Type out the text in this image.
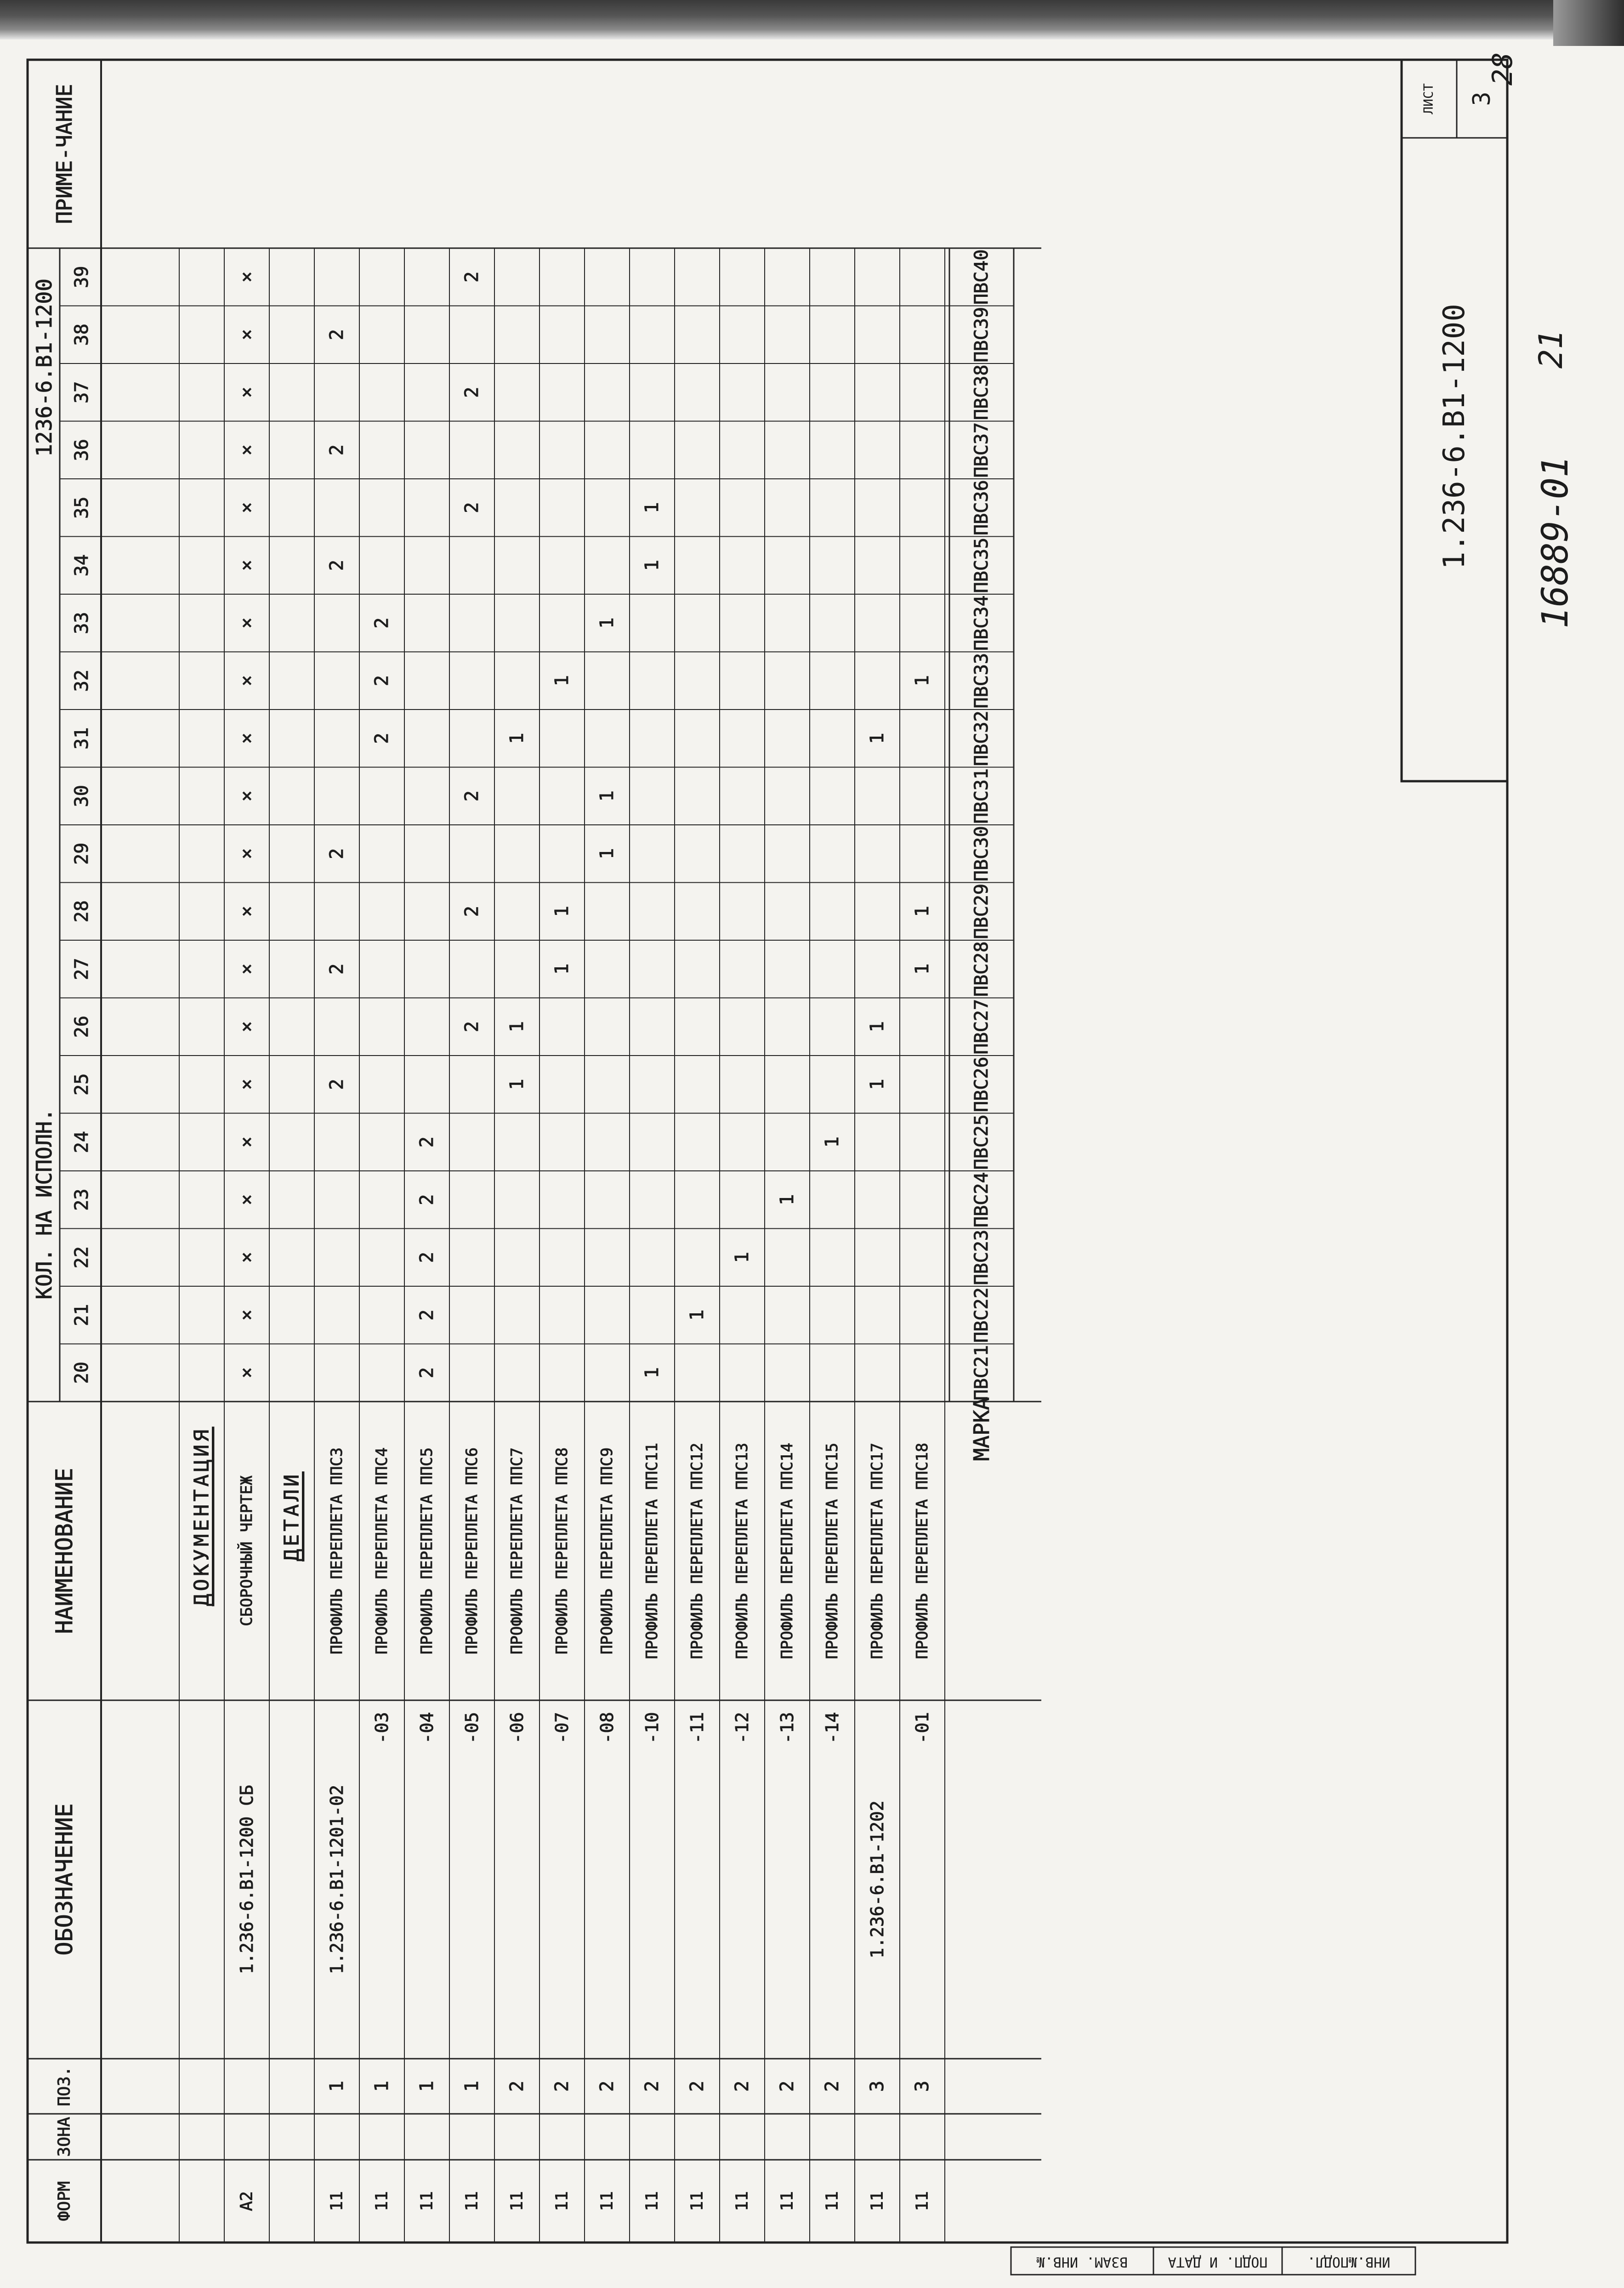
ФОРМ
ЗОНА
ПОЗ.
ОБОЗНАЧЕНИЕ
НАИМЕНОВАНИЕ
КОЛ. НА ИСПОЛН.
1236-6.В1-1200
ПРИМЕ-ЧАНИЕ
20
21
22
23
24
25
26
27
28
29
30
31
32
33
34
35
36
37
38
39
МАРКА
ПВС21
ПВС22
ПВС23
ПВС24
ПВС25
ПВС26
ПВС27
ПВС28
ПВС29
ПВС30
ПВС31
ПВС32
ПВС33
ПВС34
ПВС35
ПВС36
ПВС37
ПВС38
ПВС39
ПВС40
ДОКУМЕНТАЦИЯ
А2
1.236-6.В1-1200 СБ
СБОРОЧНЫЙ ЧЕРТЕЖ
×
×
×
×
×
×
×
×
×
×
×
×
×
×
×
×
×
×
×
×
ДЕТАЛИ
11
1
1.236-6.В1-1201-02
ПРОФИЛЬ ПЕРЕПЛЕТА ППС3
2
2
2
2
2
2
11
1
-03
ПРОФИЛЬ ПЕРЕПЛЕТА ППС4
2
2
2
11
1
-04
ПРОФИЛЬ ПЕРЕПЛЕТА ППС5
2
2
2
2
2
11
1
-05
ПРОФИЛЬ ПЕРЕПЛЕТА ППС6
2
2
2
2
2
2
11
2
-06
ПРОФИЛЬ ПЕРЕПЛЕТА ППС7
1
1
1
11
2
-07
ПРОФИЛЬ ПЕРЕПЛЕТА ППС8
1
1
1
11
2
-08
ПРОФИЛЬ ПЕРЕПЛЕТА ППС9
1
1
1
11
2
-10
ПРОФИЛЬ ПЕРЕПЛЕТА ППС11
1
1
1
11
2
-11
ПРОФИЛЬ ПЕРЕПЛЕТА ППС12
1
11
2
-12
ПРОФИЛЬ ПЕРЕПЛЕТА ППС13
1
11
2
-13
ПРОФИЛЬ ПЕРЕПЛЕТА ППС14
1
11
2
-14
ПРОФИЛЬ ПЕРЕПЛЕТА ППС15
1
11
3
1.236-6.В1-1202
ПРОФИЛЬ ПЕРЕПЛЕТА ППС17
1
1
1
11
3
-01
ПРОФИЛЬ ПЕРЕПЛЕТА ППС18
1
1
1
ЛИСТ 3
1.236-6.В1-1200
ВЗАМ. ИНВ.№	ПОДП. И ДАТА	ИНВ.№ПОДЛ.
16889-01
21
28
